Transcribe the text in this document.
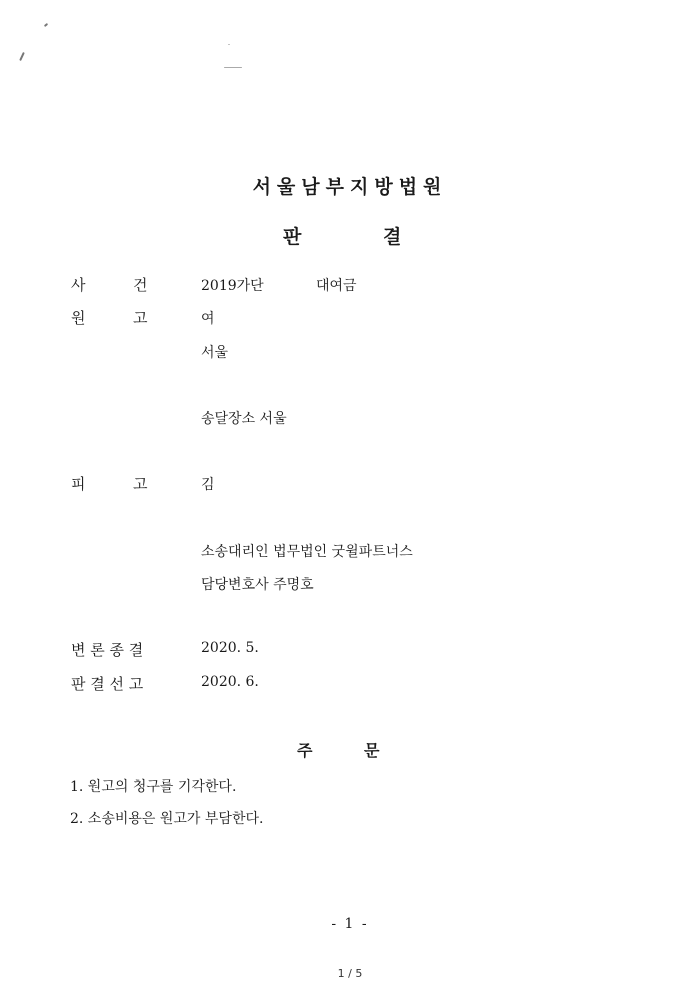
서울남부지방법원
판	결
사	건	2019가단	대여금
원	고	여
서울
송달장소 서울
피	고	김
소송대리인 법무법인 굿윌파트너스
담당변호사 주명호
변 론 종 결	2020. 5.
판 결 선 고	2020. 6.
주	문
1. 원고의 청구를 기각한다.
2. 소송비용은 원고가 부담한다.
- 1 -
1 / 5
